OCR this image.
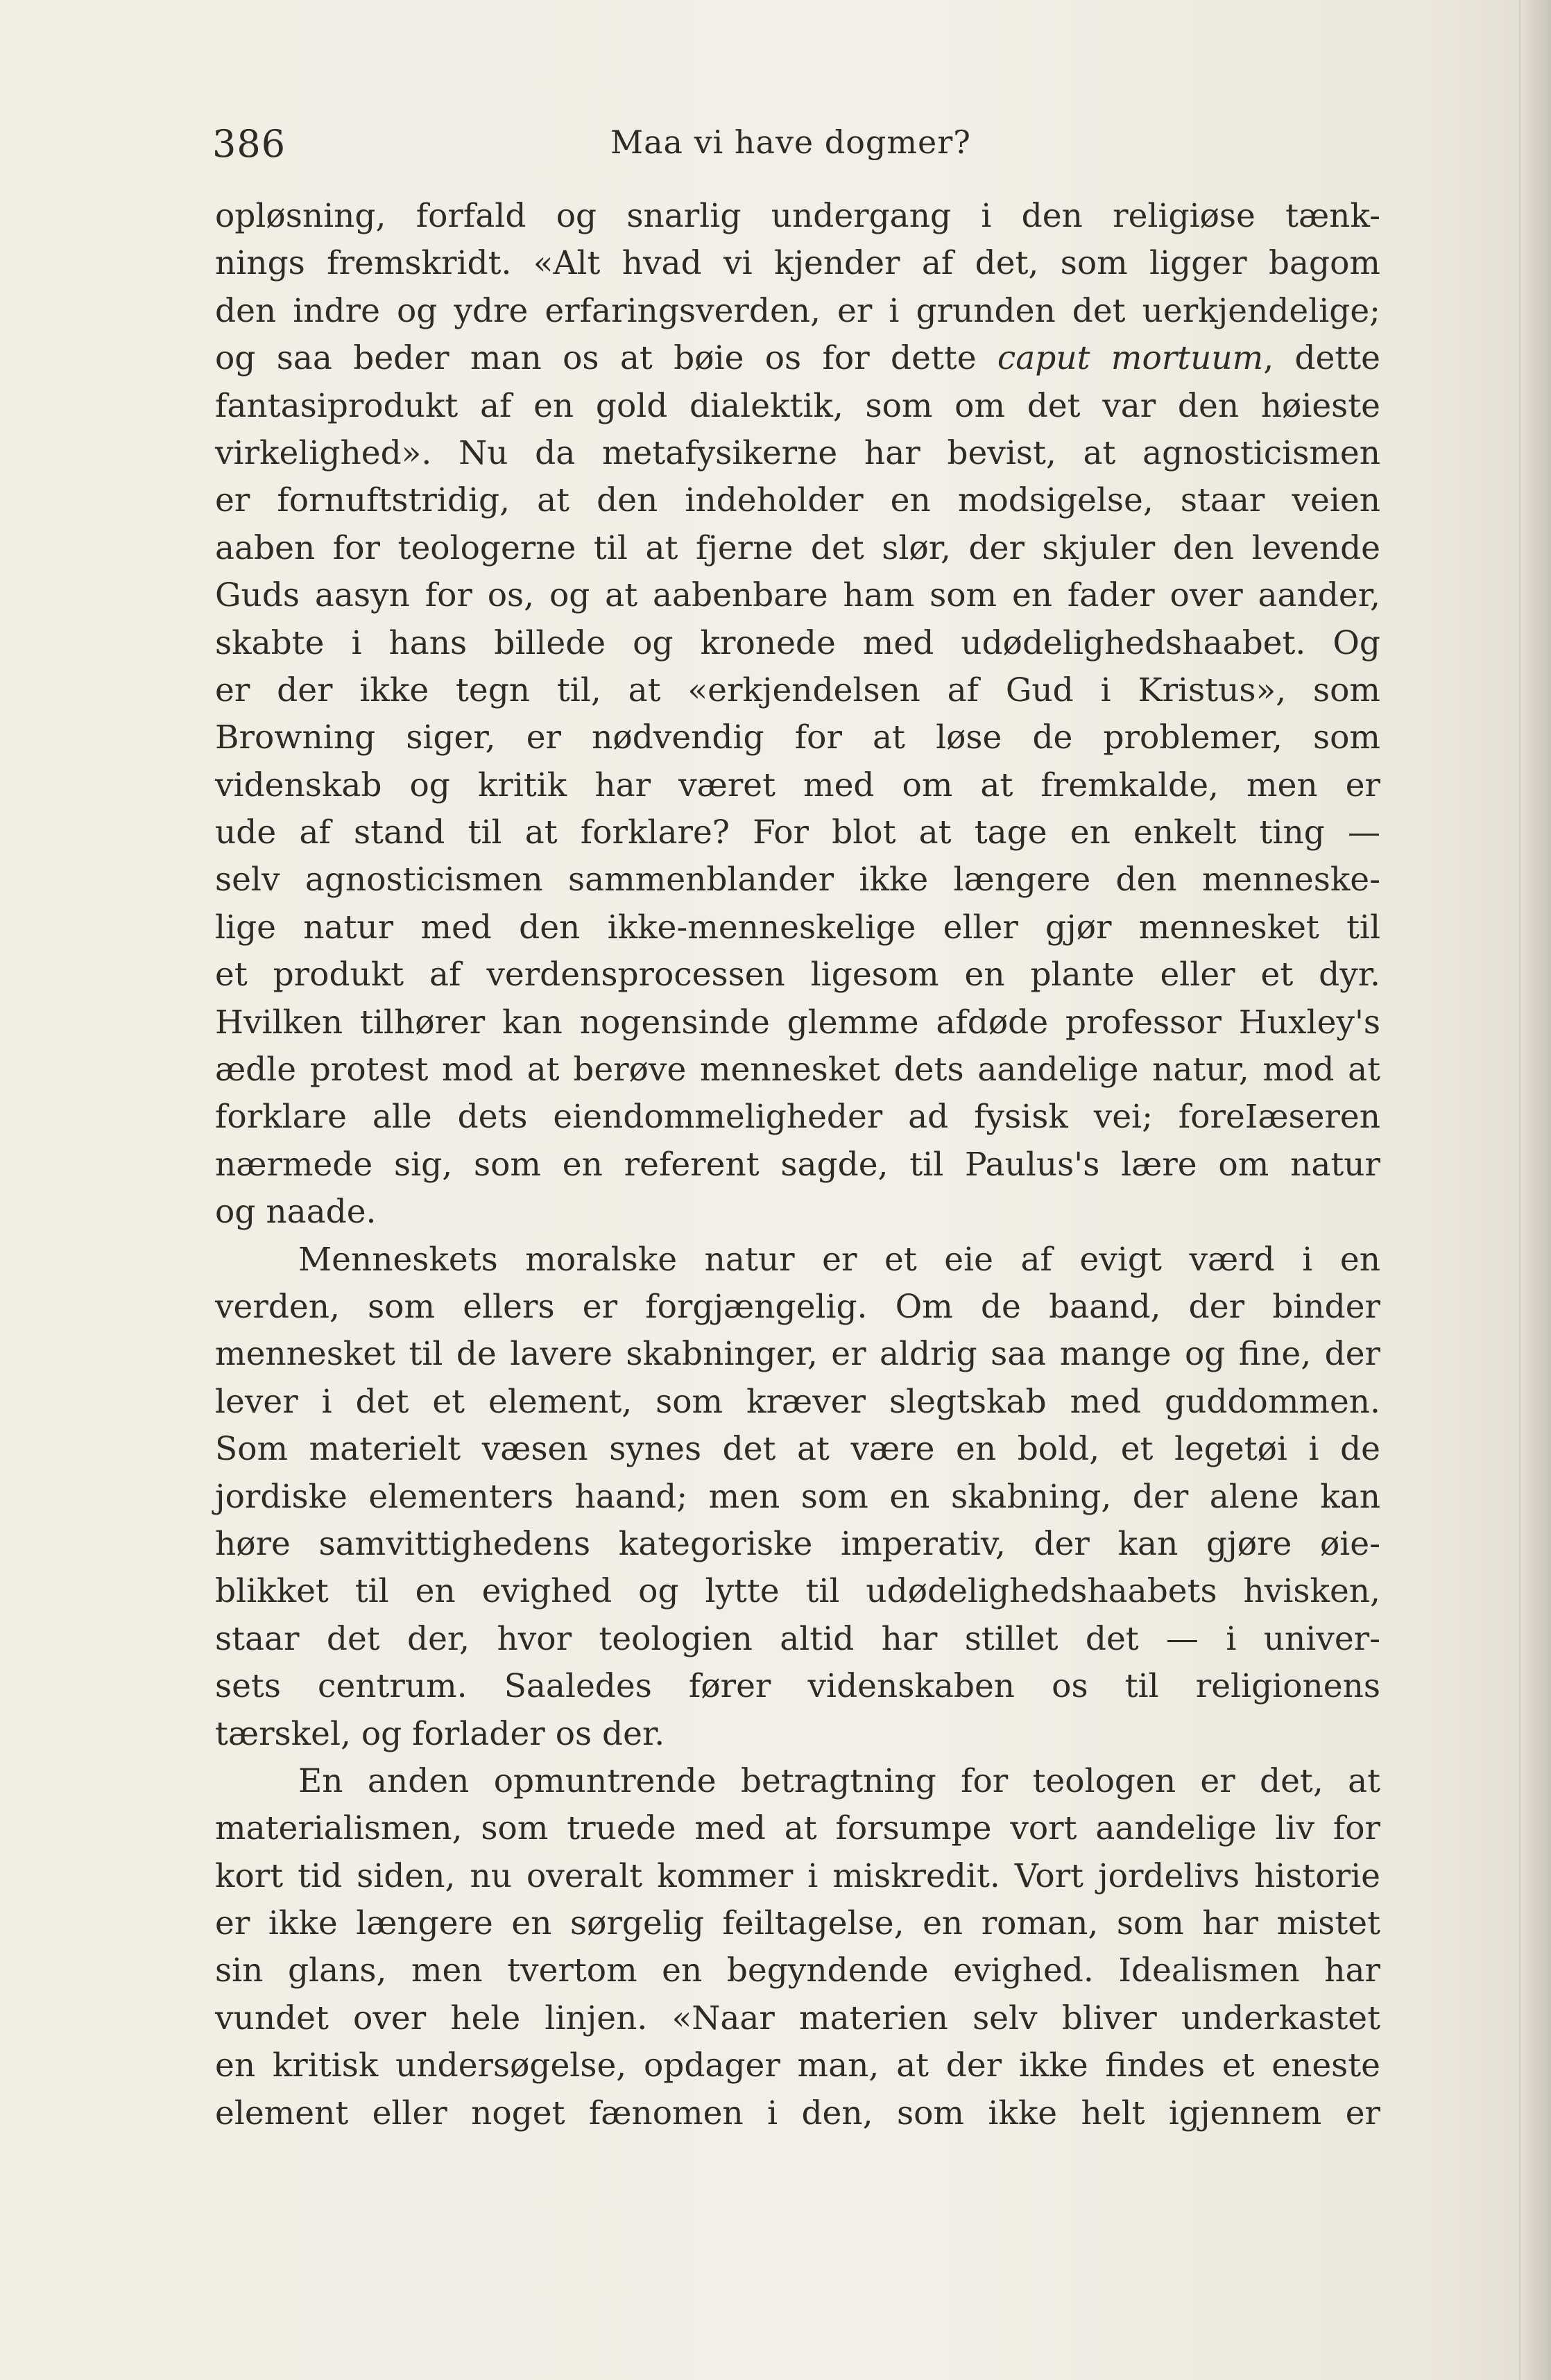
386	Maa vi have dogmer?
opløsning, forfald og snarlig undergang i den religiøse tænk-
nings fremskridt. «Alt hvad vi kjender af det, som ligger bagom
den indre og ydre erfaringsverden, er i grunden det uerkjendelige;
og saa beder man os at bøie os for dette caput mortuum, dette
fantasiprodukt af en gold dialektik, som om det var den høieste
virkelighed». Nu da metafysikerne har bevist, at agnosticismen
er fornuftstridig, at den indeholder en modsigelse, staar veien
aaben for teologerne til at fjerne det slør, der skjuler den levende
Guds aasyn for os, og at aabenbare ham som en fader over aander,
skabte i hans billede og kronede med udødelighedshaabet. Og
er der ikke tegn til, at «erkjendelsen af Gud i Kristus», som
Browning siger, er nødvendig for at løse de problemer, som
videnskab og kritik har været med om at fremkalde, men er
ude af stand til at forklare? For blot at tage en enkelt ting —
selv agnosticismen sammenblander ikke længere den menneske-
lige natur med den ikke-menneskelige eller gjør mennesket til
et produkt af verdensprocessen ligesom en plante eller et dyr.
Hvilken tilhører kan nogensinde glemme afdøde professor Huxley's
ædle protest mod at berøve mennesket dets aandelige natur, mod at
forklare alle dets eiendommeligheder ad fysisk vei; foreIæseren
nærmede sig, som en referent sagde, til Paulus's lære om natur
og naade.
Menneskets moralske natur er et eie af evigt værd i en
verden, som ellers er forgjængelig. Om de baand, der binder
mennesket til de lavere skabninger, er aldrig saa mange og fine, der
lever i det et element, som kræver slegtskab med guddommen.
Som materielt væsen synes det at være en bold, et legetøi i de
jordiske elementers haand; men som en skabning, der alene kan
høre samvittighedens kategoriske imperativ, der kan gjøre øie-
blikket til en evighed og lytte til udødelighedshaabets hvisken,
staar det der, hvor teologien altid har stillet det — i univer-
sets centrum. Saaledes fører videnskaben os til religionens
tærskel, og forlader os der.
En anden opmuntrende betragtning for teologen er det, at
materialismen, som truede med at forsumpe vort aandelige liv for
kort tid siden, nu overalt kommer i miskredit. Vort jordelivs historie
er ikke længere en sørgelig feiltagelse, en roman, som har mistet
sin glans, men tvertom en begyndende evighed. Idealismen har
vundet over hele linjen. «Naar materien selv bliver underkastet
en kritisk undersøgelse, opdager man, at der ikke findes et eneste
element eller noget fænomen i den, som ikke helt igjennem er
